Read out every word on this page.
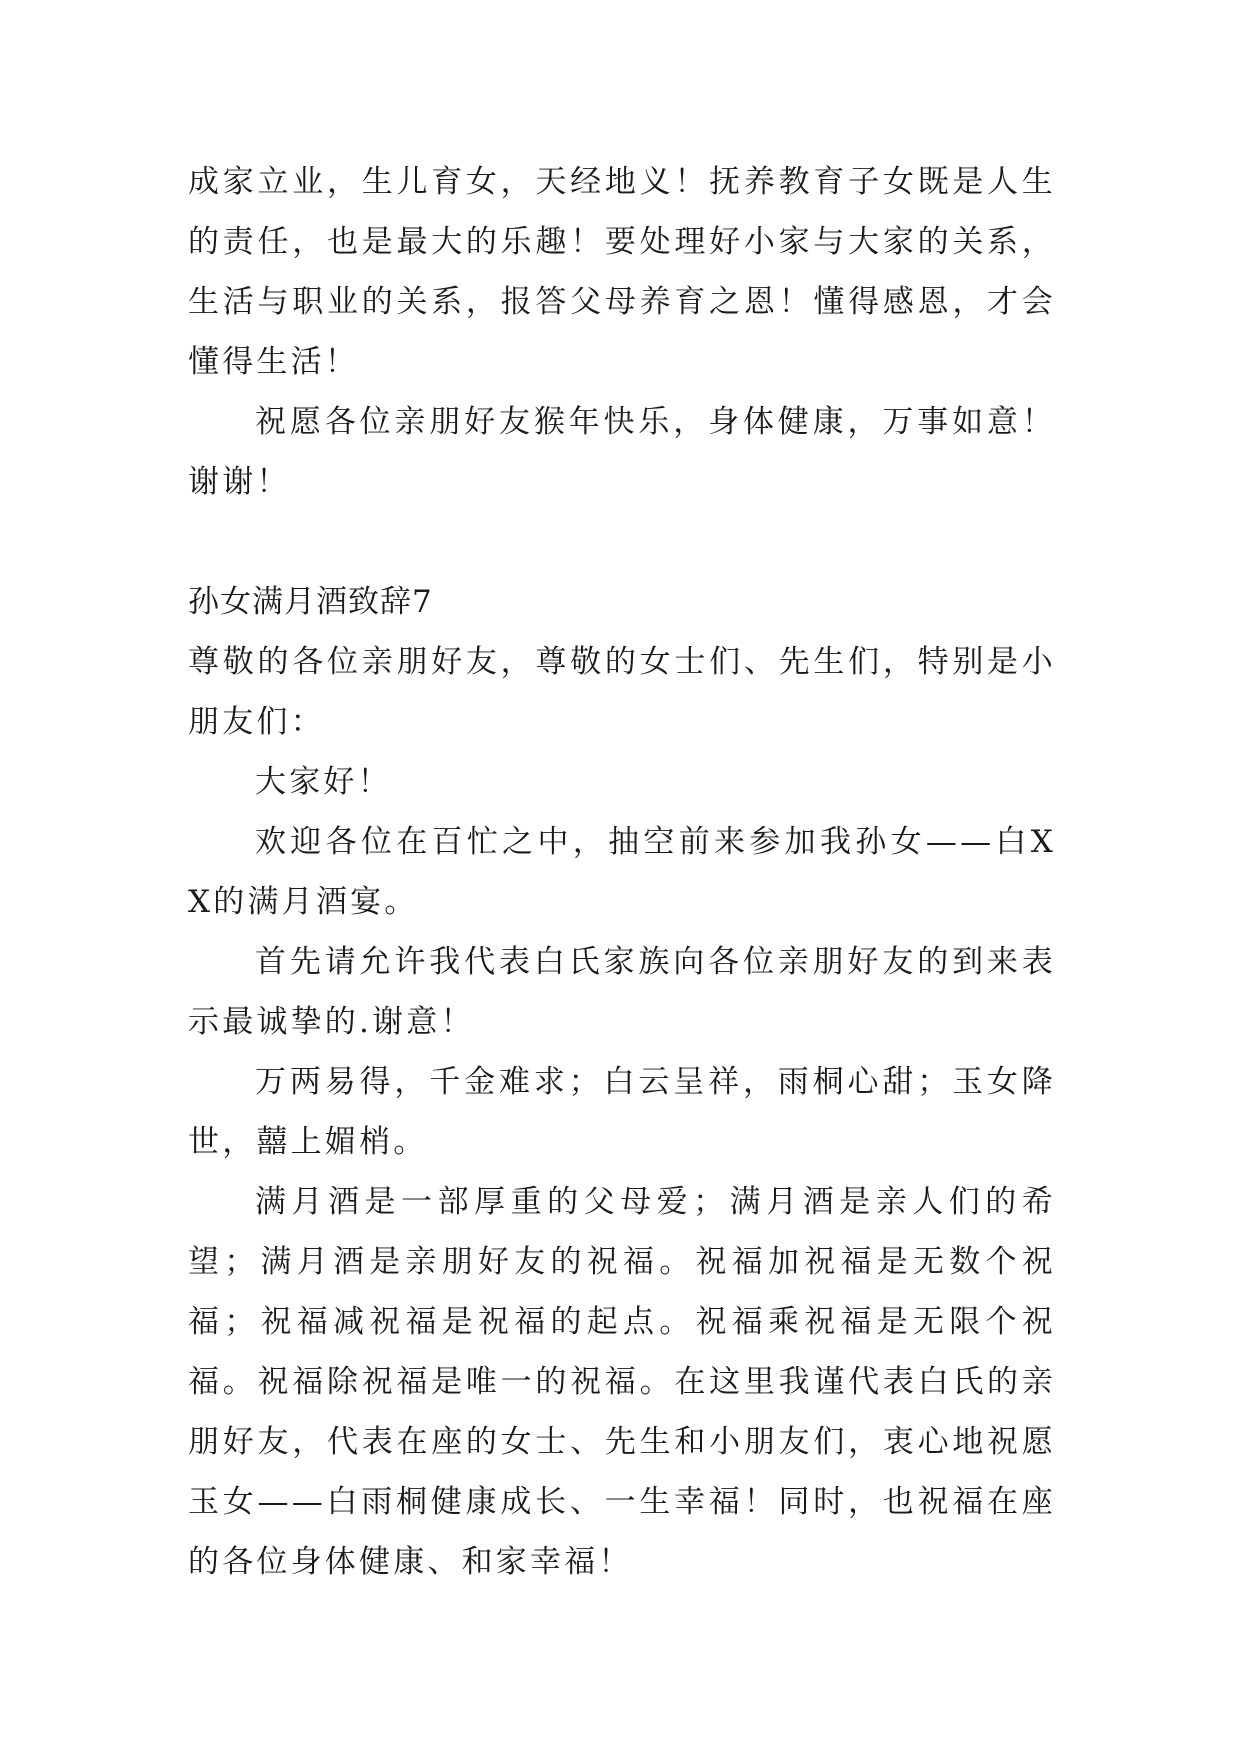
成家立业，生儿育女，天经地义！抚养教育子女既是人生的责任，也是最大的乐趣！要处理好小家与大家的关系，生活与职业的关系，报答父母养育之恩！懂得感恩，才会懂得生活！

祝愿各位亲朋好友猴年快乐，身体健康，万事如意！谢谢！

孙女满月酒致辞7

尊敬的各位亲朋好友，尊敬的女士们、先生们，特别是小朋友们：

大家好！

欢迎各位在百忙之中，抽空前来参加我孙女——白XX的满月酒宴。

首先请允许我代表白氏家族向各位亲朋好友的到来表示最诚挚的.谢意！

万两易得，千金难求；白云呈祥，雨桐心甜；玉女降世，囍上媚梢。

满月酒是一部厚重的父母爱；满月酒是亲人们的希望；满月酒是亲朋好友的祝福。祝福加祝福是无数个祝福；祝福减祝福是祝福的起点。祝福乘祝福是无限个祝福。祝福除祝福是唯一的祝福。在这里我谨代表白氏的亲朋好友，代表在座的女士、先生和小朋友们，衷心地祝愿玉女——白雨桐健康成长、一生幸福！同时，也祝福在座的各位身体健康、和家幸福！
